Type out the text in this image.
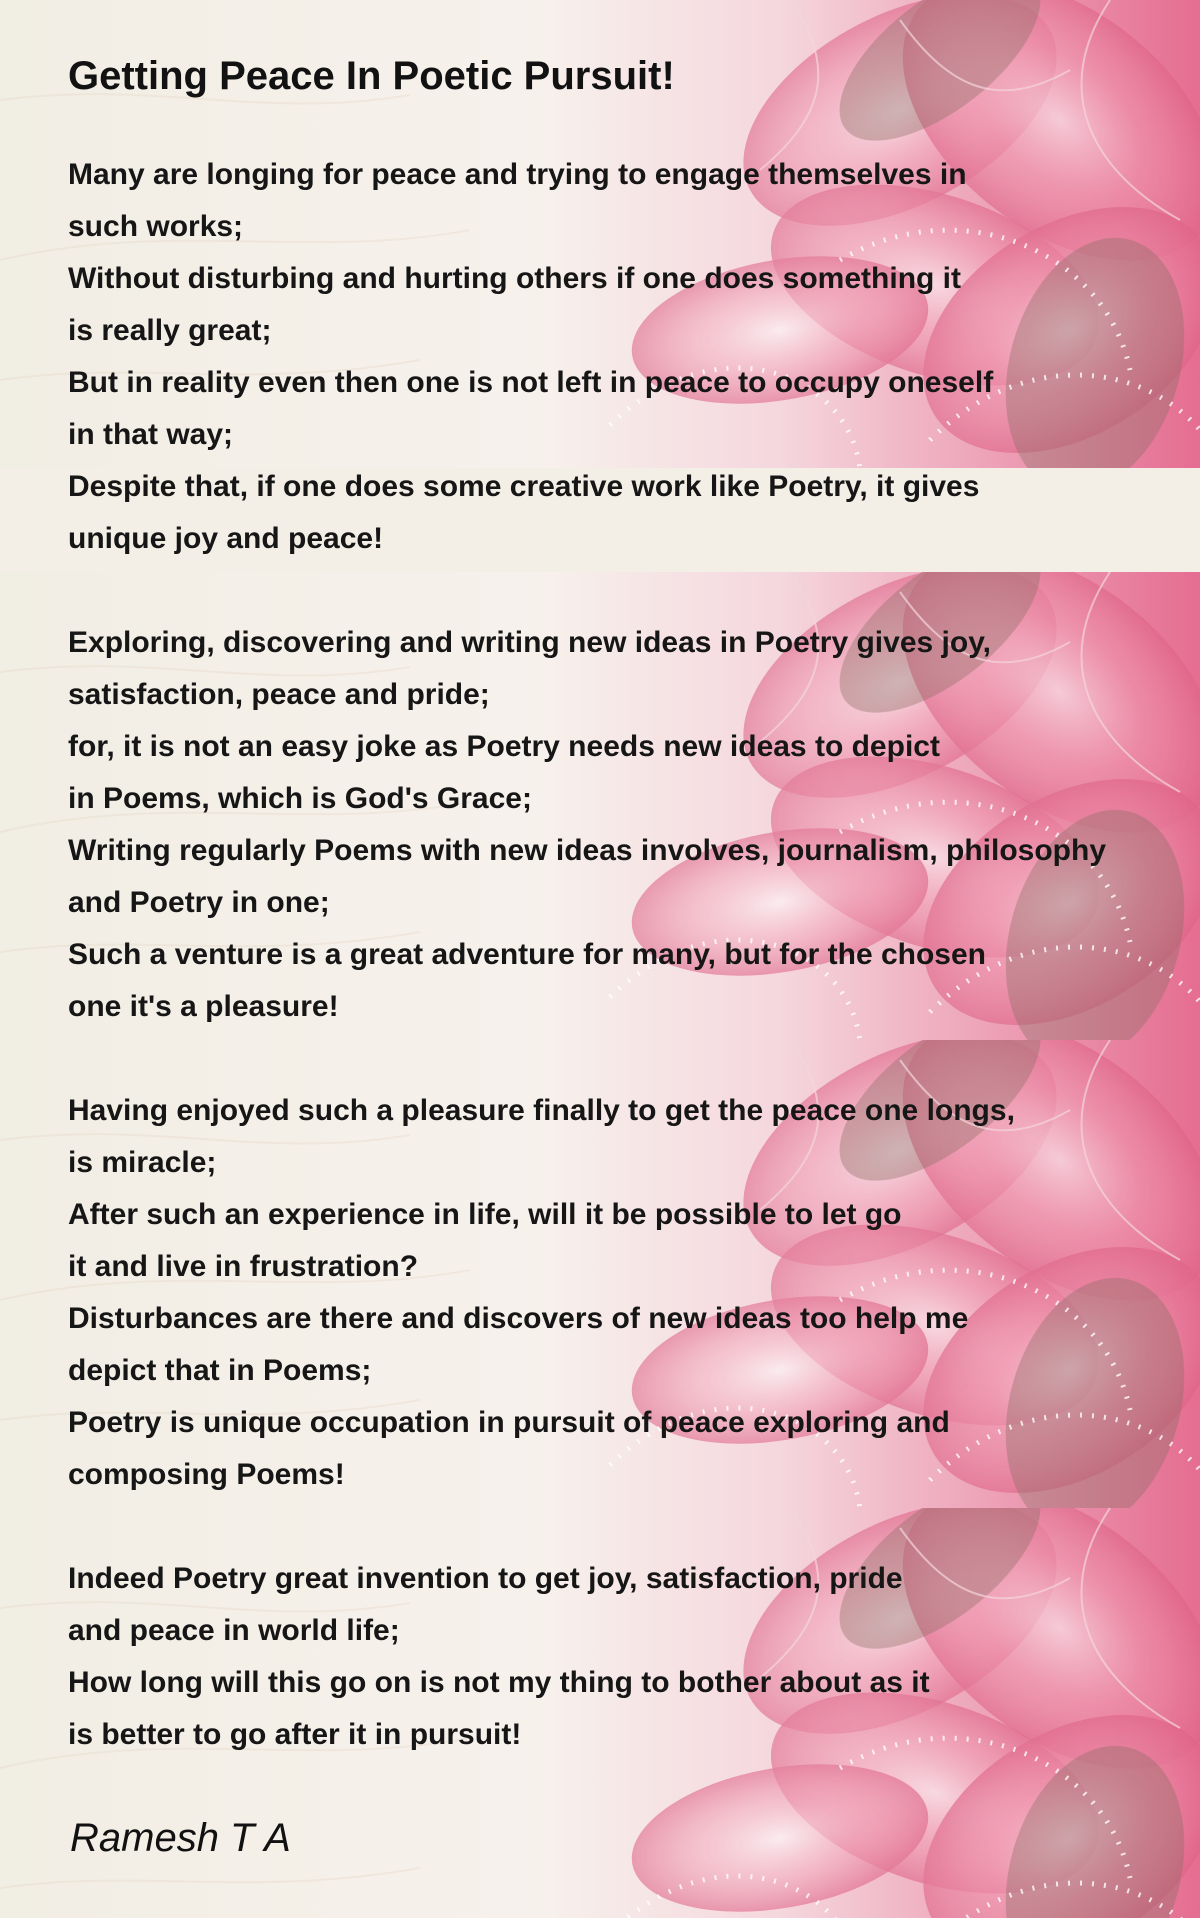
Getting Peace In Poetic Pursuit!
Many are longing for peace and trying to engage themselves in
such works;
Without disturbing and hurting others if one does something it
is really great;
But in reality even then one is not left in peace to occupy oneself
in that way;
Despite that, if one does some creative work like Poetry, it gives
unique joy and peace!
Exploring, discovering and writing new ideas in Poetry gives joy,
satisfaction, peace and pride;
for, it is not an easy joke as Poetry needs new ideas to depict
in Poems, which is God's Grace;
Writing regularly Poems with new ideas involves, journalism, philosophy
and Poetry in one;
Such a venture is a great adventure for many, but for the chosen
one it's a pleasure!
Having enjoyed such a pleasure finally to get the peace one longs,
is miracle;
After such an experience in life, will it be possible to let go
it and live in frustration?
Disturbances are there and discovers of new ideas too help me
depict that in Poems;
Poetry is unique occupation in pursuit of peace exploring and
composing Poems!
Indeed Poetry great invention to get joy, satisfaction, pride
and peace in world life;
How long will this go on is not my thing to bother about as it
is better to go after it in pursuit!

Ramesh T A
